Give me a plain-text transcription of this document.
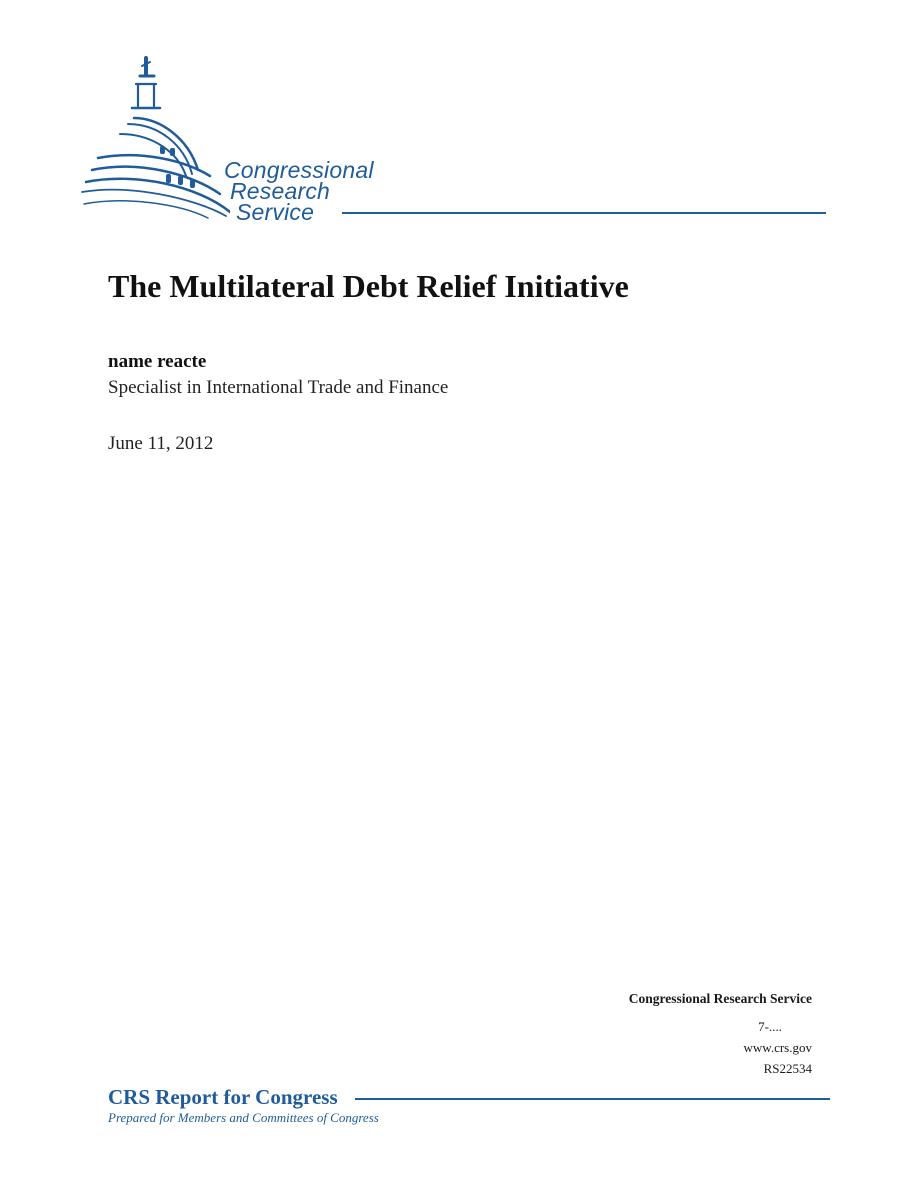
Congressional
Research
Service
The Multilateral Debt Relief Initiative
name reacte
Specialist in International Trade and Finance
June 11, 2012
Congressional Research Service
7-....
www.crs.gov
RS22534
CRS Report for Congress
Prepared for Members and Committees of Congress
